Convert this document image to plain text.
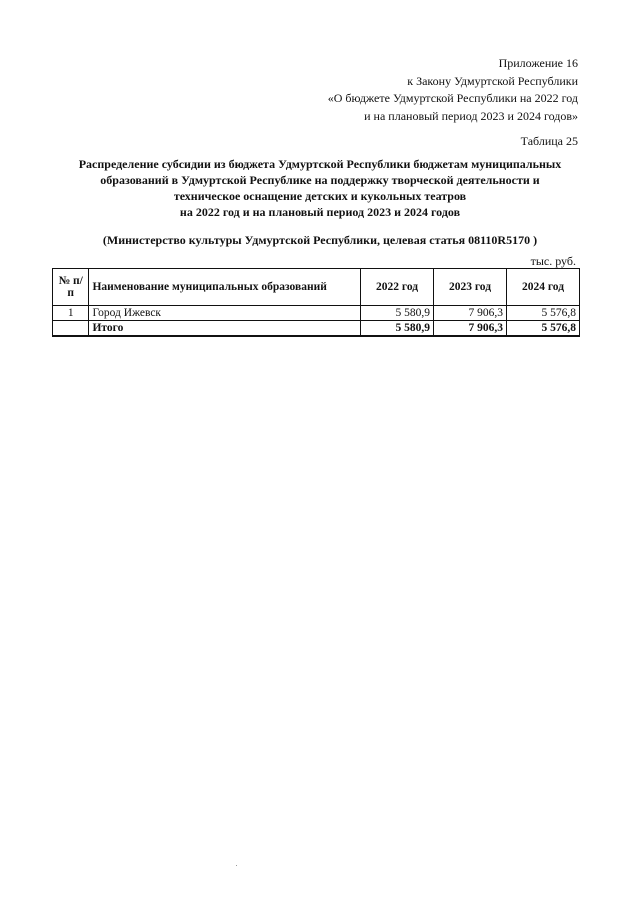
Приложение 16
к Закону Удмуртской Республики
«О бюджете Удмуртской Республики на 2022 год
и на плановый период 2023 и 2024 годов»
Таблица 25
Распределение субсидии из бюджета Удмуртской Республики бюджетам муниципальных
образований в Удмуртской Республике на поддержку творческой деятельности и
техническое оснащение детских и кукольных театров
на 2022 год и на плановый период 2023 и 2024 годов
(Министерство культуры Удмуртской Республики, целевая статья 08110R5170 )
тыс. руб.
№ п/п	Наименование муниципальных образований	2022 год	2023 год	2024 год
1	Город Ижевск	5 580,9	7 906,3	5 576,8
	Итого	5 580,9	7 906,3	5 576,8
